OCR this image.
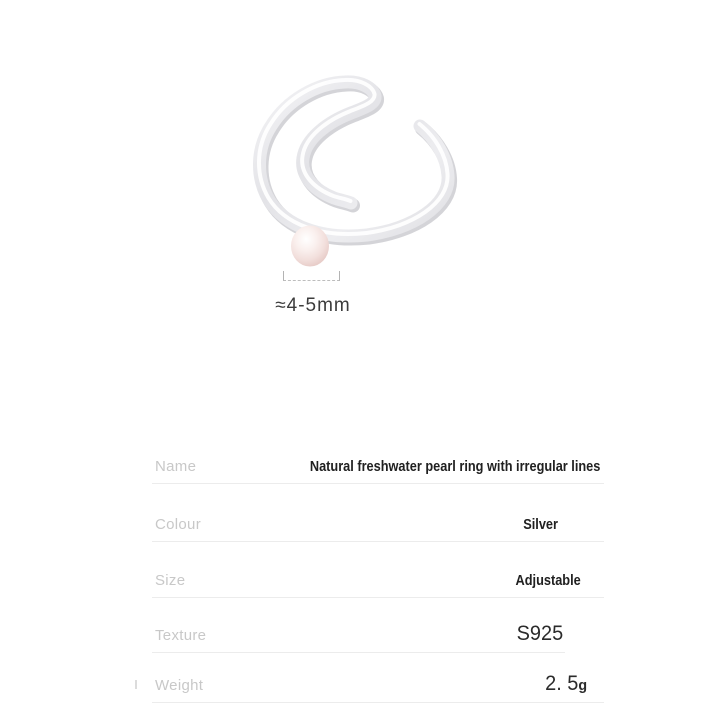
≈4-5mm
Name	Natural freshwater pearl ring with irregular lines
Colour	Silver
Size	Adjustable
Texture	S925
Weight	2. 5g
